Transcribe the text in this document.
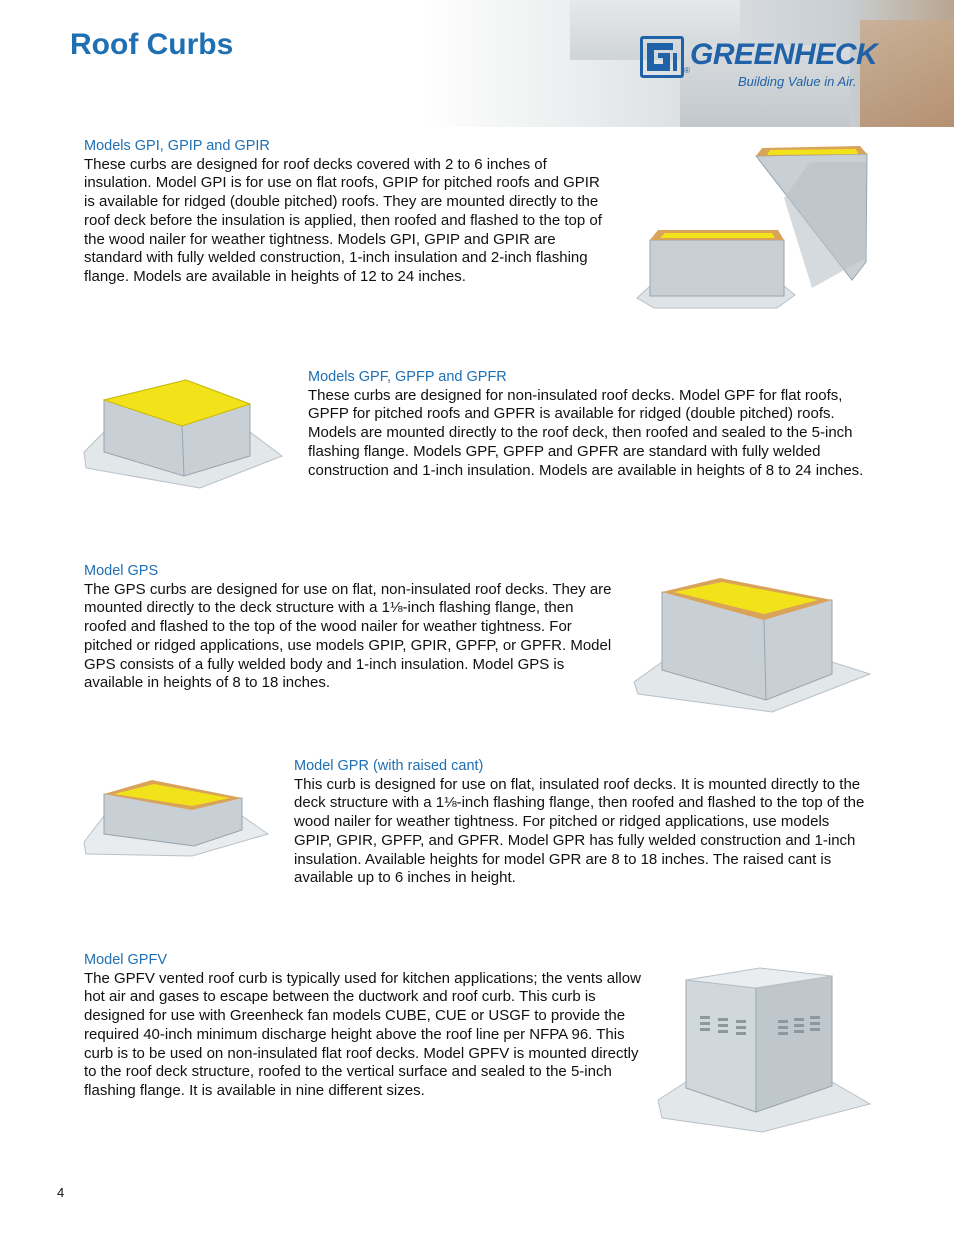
Roof Curbs
® GREENHECK
Building Value in Air.
Models GPI, GPIP and GPIR

These curbs are designed for roof decks covered with 2 to 6 inches of insulation. Model GPI is for use on flat roofs, GPIP for pitched roofs and GPIR is available for ridged (double pitched) roofs. They are mounted directly to the roof deck before the insulation is applied, then roofed and flashed to the top of the wood nailer for weather tightness. Models GPI, GPIP and GPIR are standard with fully welded construction, 1-inch insulation and 2-inch flashing flange. Models are available in heights of 12 to 24 inches.

Models GPF, GPFP and GPFR

These curbs are designed for non-insulated roof decks. Model GPF for flat roofs, GPFP for pitched roofs and GPFR is available for ridged (double pitched) roofs. Models are mounted directly to the roof deck, then roofed and sealed to the 5-inch flashing flange. Models GPF, GPFP and GPFR are standard with fully welded construction and 1-inch insulation. Models are available in heights of 8 to 24 inches.

Model GPS

The GPS curbs are designed for use on flat, non-insulated roof decks. They are mounted directly to the deck structure with a 1⅛-inch flashing flange, then roofed and flashed to the top of the wood nailer for weather tightness. For pitched or ridged applications, use models GPIP, GPIR, GPFP, or GPFR. Model GPS consists of a fully welded body and 1-inch insulation. Model GPS is available in heights of 8 to 18 inches.

Model GPR (with raised cant)

This curb is designed for use on flat, insulated roof decks. It is mounted directly to the deck structure with a 1⅛-inch flashing flange, then roofed and flashed to the top of the wood nailer for weather tightness. For pitched or ridged applications, use models GPIP, GPIR, GPFP, and GPFR. Model GPR has fully welded construction and 1-inch insulation. Available heights for model GPR are 8 to 18 inches. The raised cant is available up to 6 inches in height.

Model GPFV

The GPFV vented roof curb is typically used for kitchen applications; the vents allow hot air and gases to escape between the ductwork and roof curb. This curb is designed for use with Greenheck fan models CUBE, CUE or USGF to provide the required 40-inch minimum discharge height above the roof line per NFPA 96. This curb is to be used on non-insulated flat roof decks. Model GPFV is mounted directly to the roof deck structure, roofed to the vertical surface and sealed to the 5-inch flashing flange. It is available in nine different sizes.

4
